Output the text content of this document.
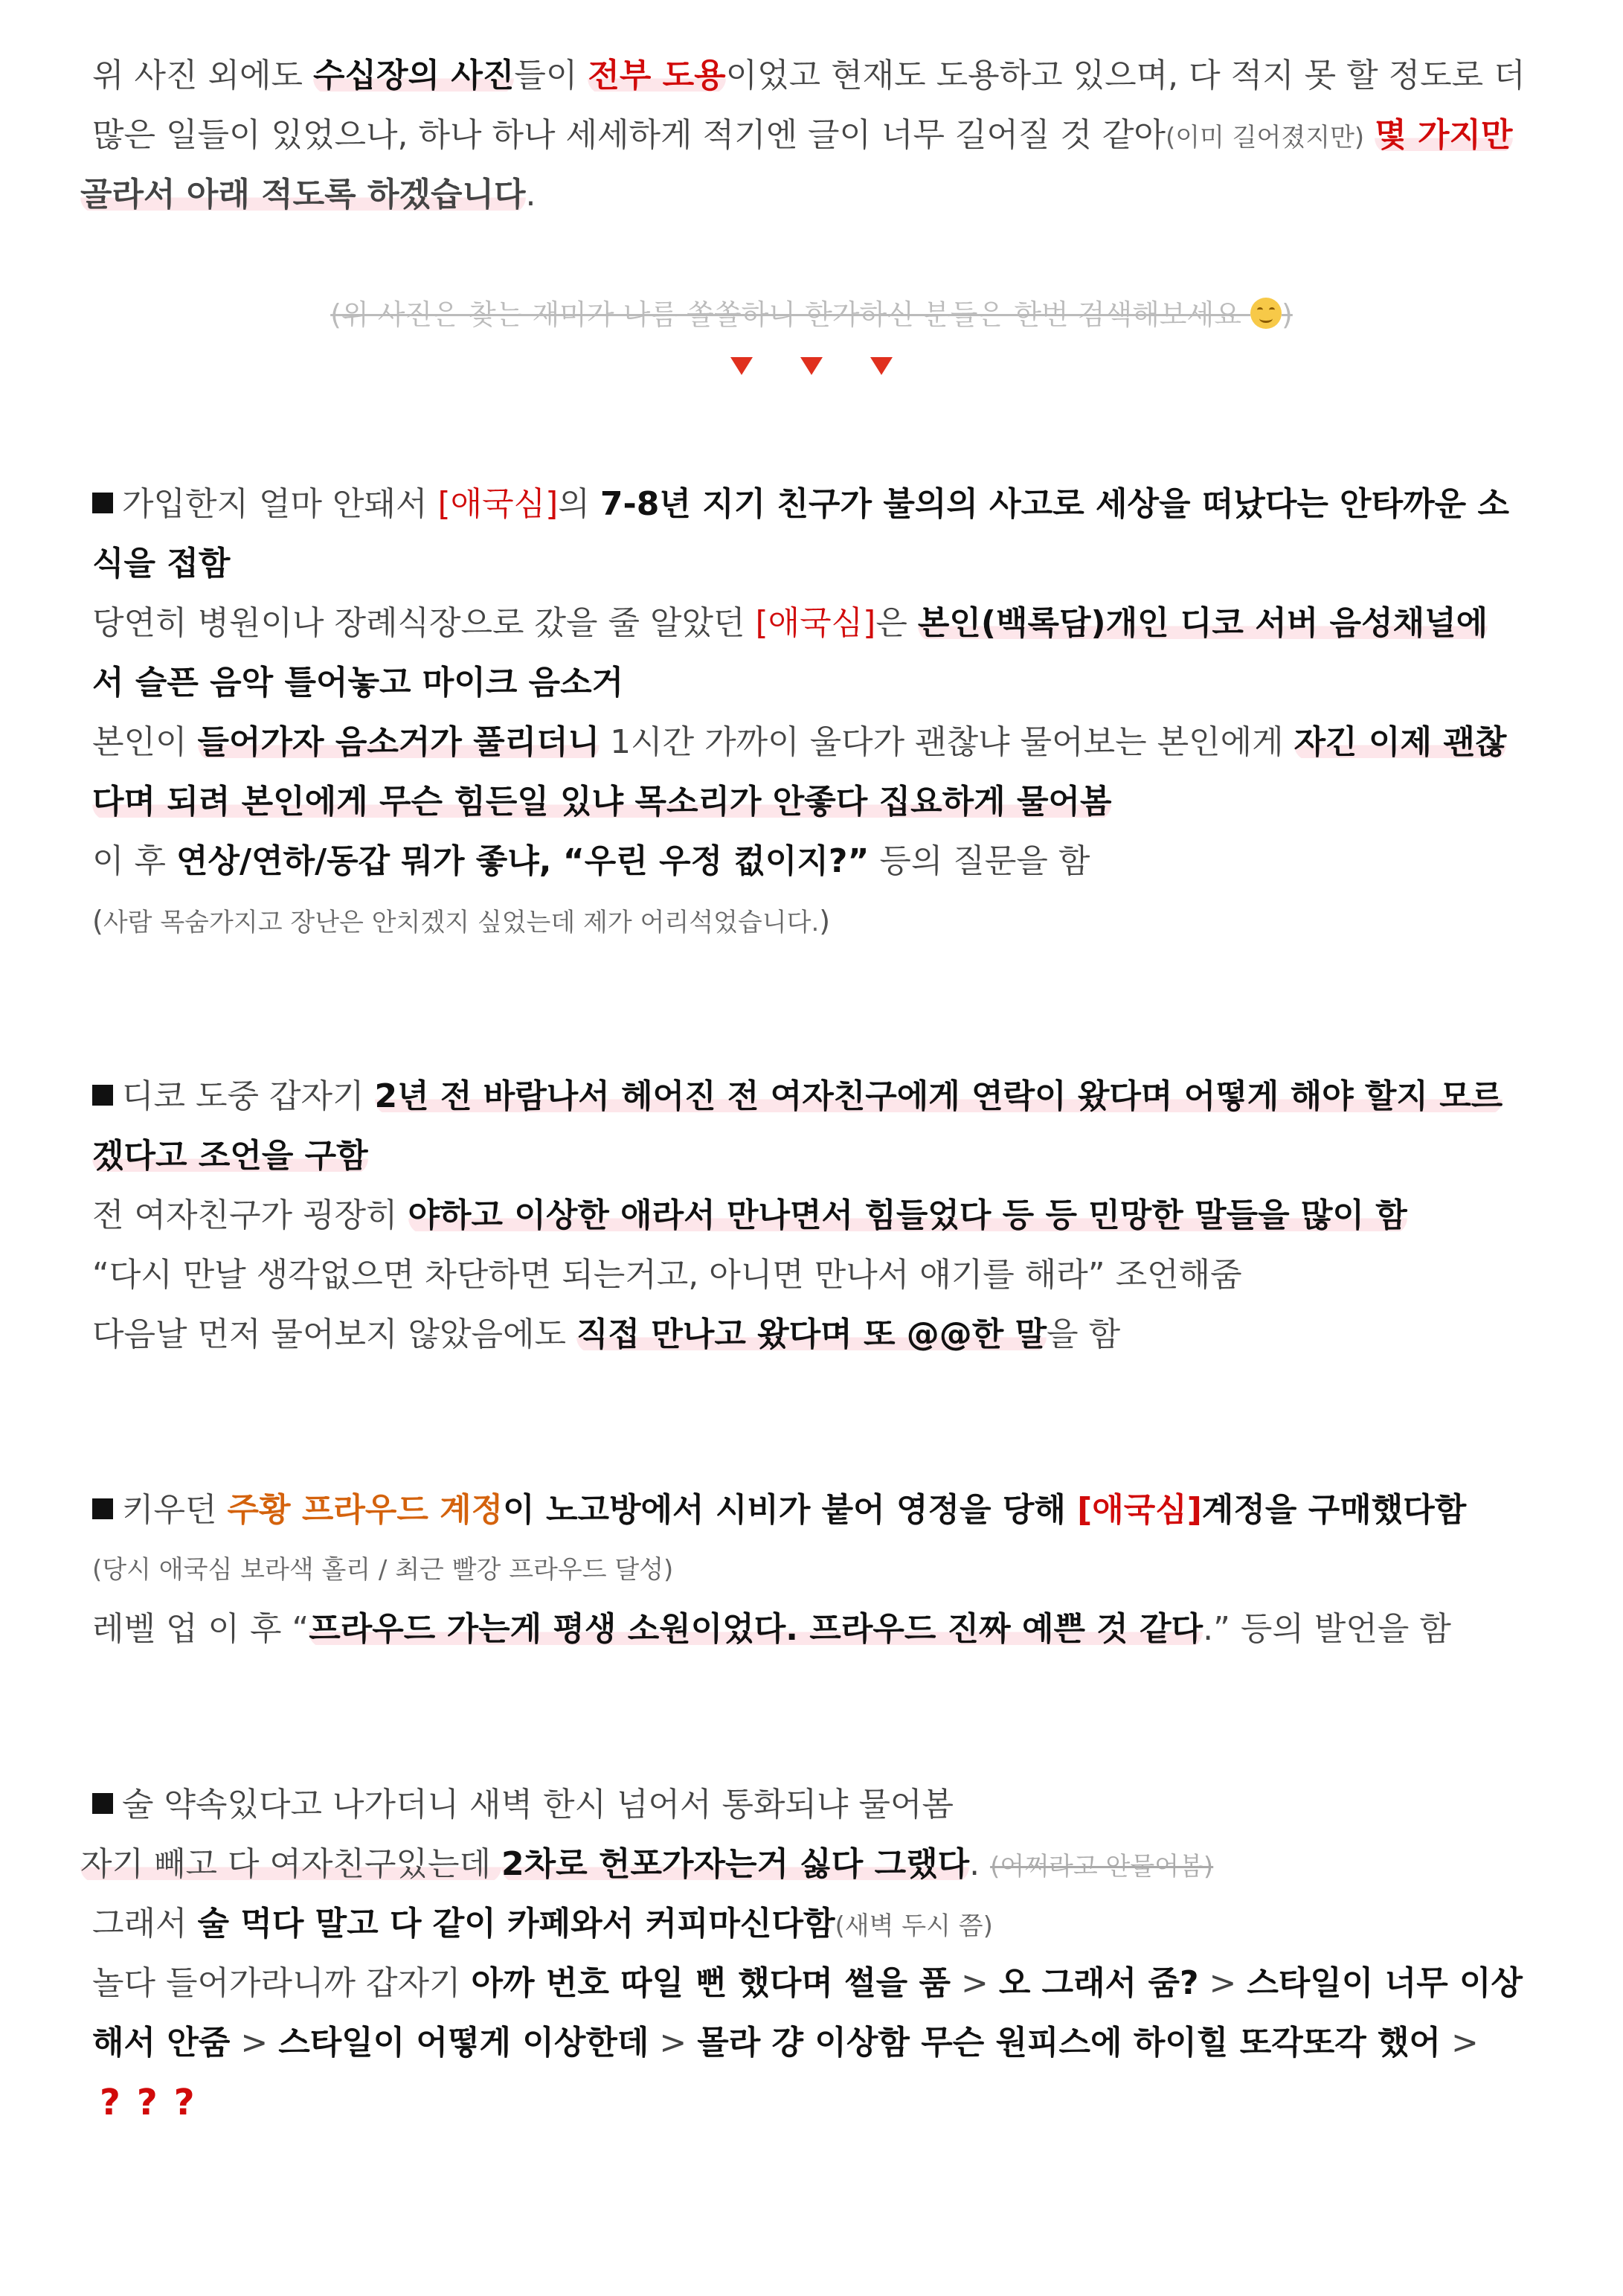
위 사진 외에도 수십장의 사진들이 전부 도용이었고 현재도 도용하고 있으며, 다 적지 못 할 정도로 더
많은 일들이 있었으나, 하나 하나 세세하게 적기엔 글이 너무 길어질 것 같아(이미 길어졌지만) 몇 가지만
골라서 아래 적도록 하겠습니다.
(위 사진은 찾는 재미가 나름 쏠쏠하니 한가하신 분들은 한번 검색해보세요
)
가입한지 얼마 안돼서 [애국심]의 7-8년 지기 친구가 불의의 사고로 세상을 떠났다는 안타까운 소
식을 접함
당연히 병원이나 장례식장으로 갔을 줄 알았던 [애국심]은 본인(백록담)개인 디코 서버 음성채널에
서 슬픈 음악 틀어놓고 마이크 음소거
본인이 들어가자 음소거가 풀리더니 1시간 가까이 울다가 괜찮냐 물어보는 본인에게 자긴 이제 괜찮
다며 되려 본인에게 무슨 힘든일 있냐 목소리가 안좋다 집요하게 물어봄
이 후 연상/연하/동갑 뭐가 좋냐, “우린 우정 컶이지?” 등의 질문을 함
(사람 목숨가지고 장난은 안치겠지 싶었는데 제가 어리석었습니다.)
디코 도중 갑자기 2년 전 바람나서 헤어진 전 여자친구에게 연락이 왔다며 어떻게 해야 할지 모르
겠다고 조언을 구함
전 여자친구가 굉장히 야하고 이상한 애라서 만나면서 힘들었다 등 등 민망한 말들을 많이 함
“다시 만날 생각없으면 차단하면 되는거고, 아니면 만나서 얘기를 해라” 조언해줌
다음날 먼저 물어보지 않았음에도 직접 만나고 왔다며 또 @@한 말을 함
키우던 주황 프라우드 계정이 노고방에서 시비가 붙어 영정을 당해 [애국심]계정을 구매했다함
(당시 애국심 보라색 홀리 / 최근 빨강 프라우드 달성)
레벨 업 이 후 “프라우드 가는게 평생 소원이었다. 프라우드 진짜 예쁜 것 같다.” 등의 발언을 함
술 약속있다고 나가더니 새벽 한시 넘어서 통화되냐 물어봄
자기 빼고 다 여자친구있는데 2차로 헌포가자는거 싫다 그랬다. (어쩌라고 안물어봄)
그래서 술 먹다 말고 다 같이 카페와서 커피마신다함(새벽 두시 쯤)
놀다 들어가라니까 갑자기 아까 번호 따일 뻔 했다며 썰을 품 > 오 그래서 줌? > 스타일이 너무 이상
해서 안줌 > 스타일이 어떻게 이상한데 > 몰라 걍 이상함 무슨 원피스에 하이힐 또각또각 했어 >
? ? ?
